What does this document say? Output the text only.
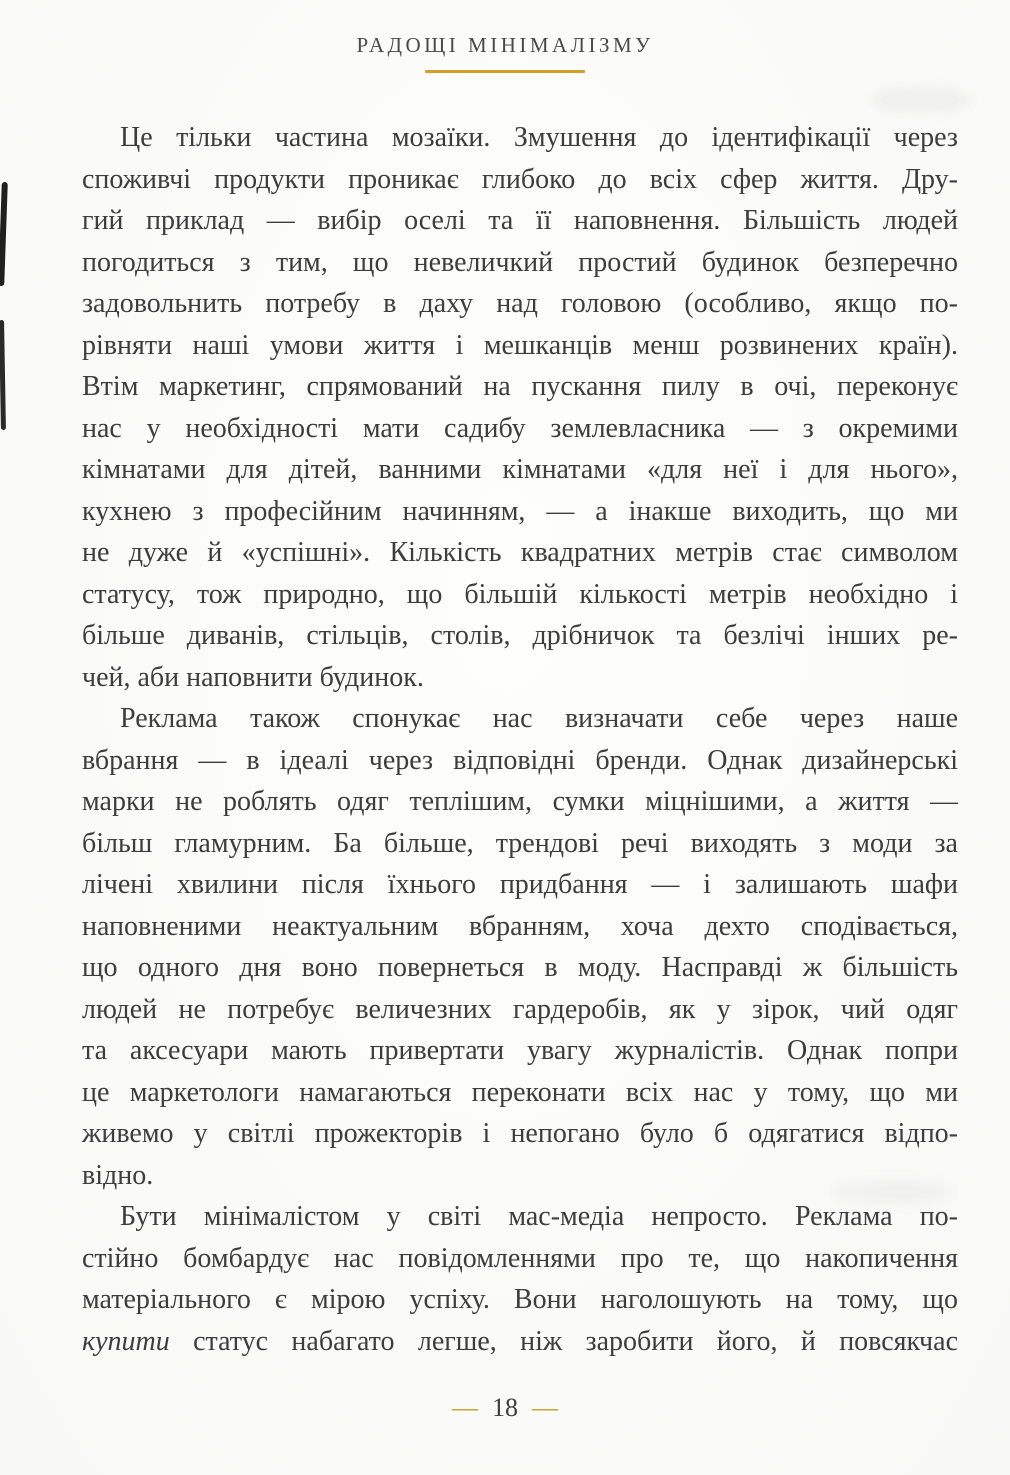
РАДОЩІ МІНІМАЛІЗМУ
Це тільки частина мозаїки. Змушення до ідентифікації через
споживчі продукти проникає глибоко до всіх сфер життя. Дру-
гий приклад — вибір оселі та її наповнення. Більшість людей
погодиться з тим, що невеличкий простий будинок безперечно
задовольнить потребу в даху над головою (особливо, якщо по-
рівняти наші умови життя і мешканців менш розвинених країн).
Втім маркетинг, спрямований на пускання пилу в очі, переконує
нас у необхідності мати садибу землевласника — з окремими
кімнатами для дітей, ванними кімнатами «для неї і для нього»,
кухнею з професійним начинням, — а інакше виходить, що ми
не дуже й «успішні». Кількість квадратних метрів стає символом
статусу, тож природно, що більшій кількості метрів необхідно і
більше диванів, стільців, столів, дрібничок та безлічі інших ре-
чей, аби наповнити будинок.
Реклама також спонукає нас визначати себе через наше
вбрання — в ідеалі через відповідні бренди. Однак дизайнерські
марки не роблять одяг теплішим, сумки міцнішими, а життя —
більш гламурним. Ба більше, трендові речі виходять з моди за
лічені хвилини після їхнього придбання — і залишають шафи
наповненими неактуальним вбранням, хоча дехто сподівається,
що одного дня воно повернеться в моду. Насправді ж більшість
людей не потребує величезних гардеробів, як у зірок, чий одяг
та аксесуари мають привертати увагу журналістів. Однак попри
це маркетологи намагаються переконати всіх нас у тому, що ми
живемо у світлі прожекторів і непогано було б одягатися відпо-
відно.
Бути мінімалістом у світі мас-медіа непросто. Реклама по-
стійно бомбардує нас повідомленнями про те, що накопичення
матеріального є мірою успіху. Вони наголошують на тому, що
купити статус набагато легше, ніж заробити його, й повсякчас
— 18 —
